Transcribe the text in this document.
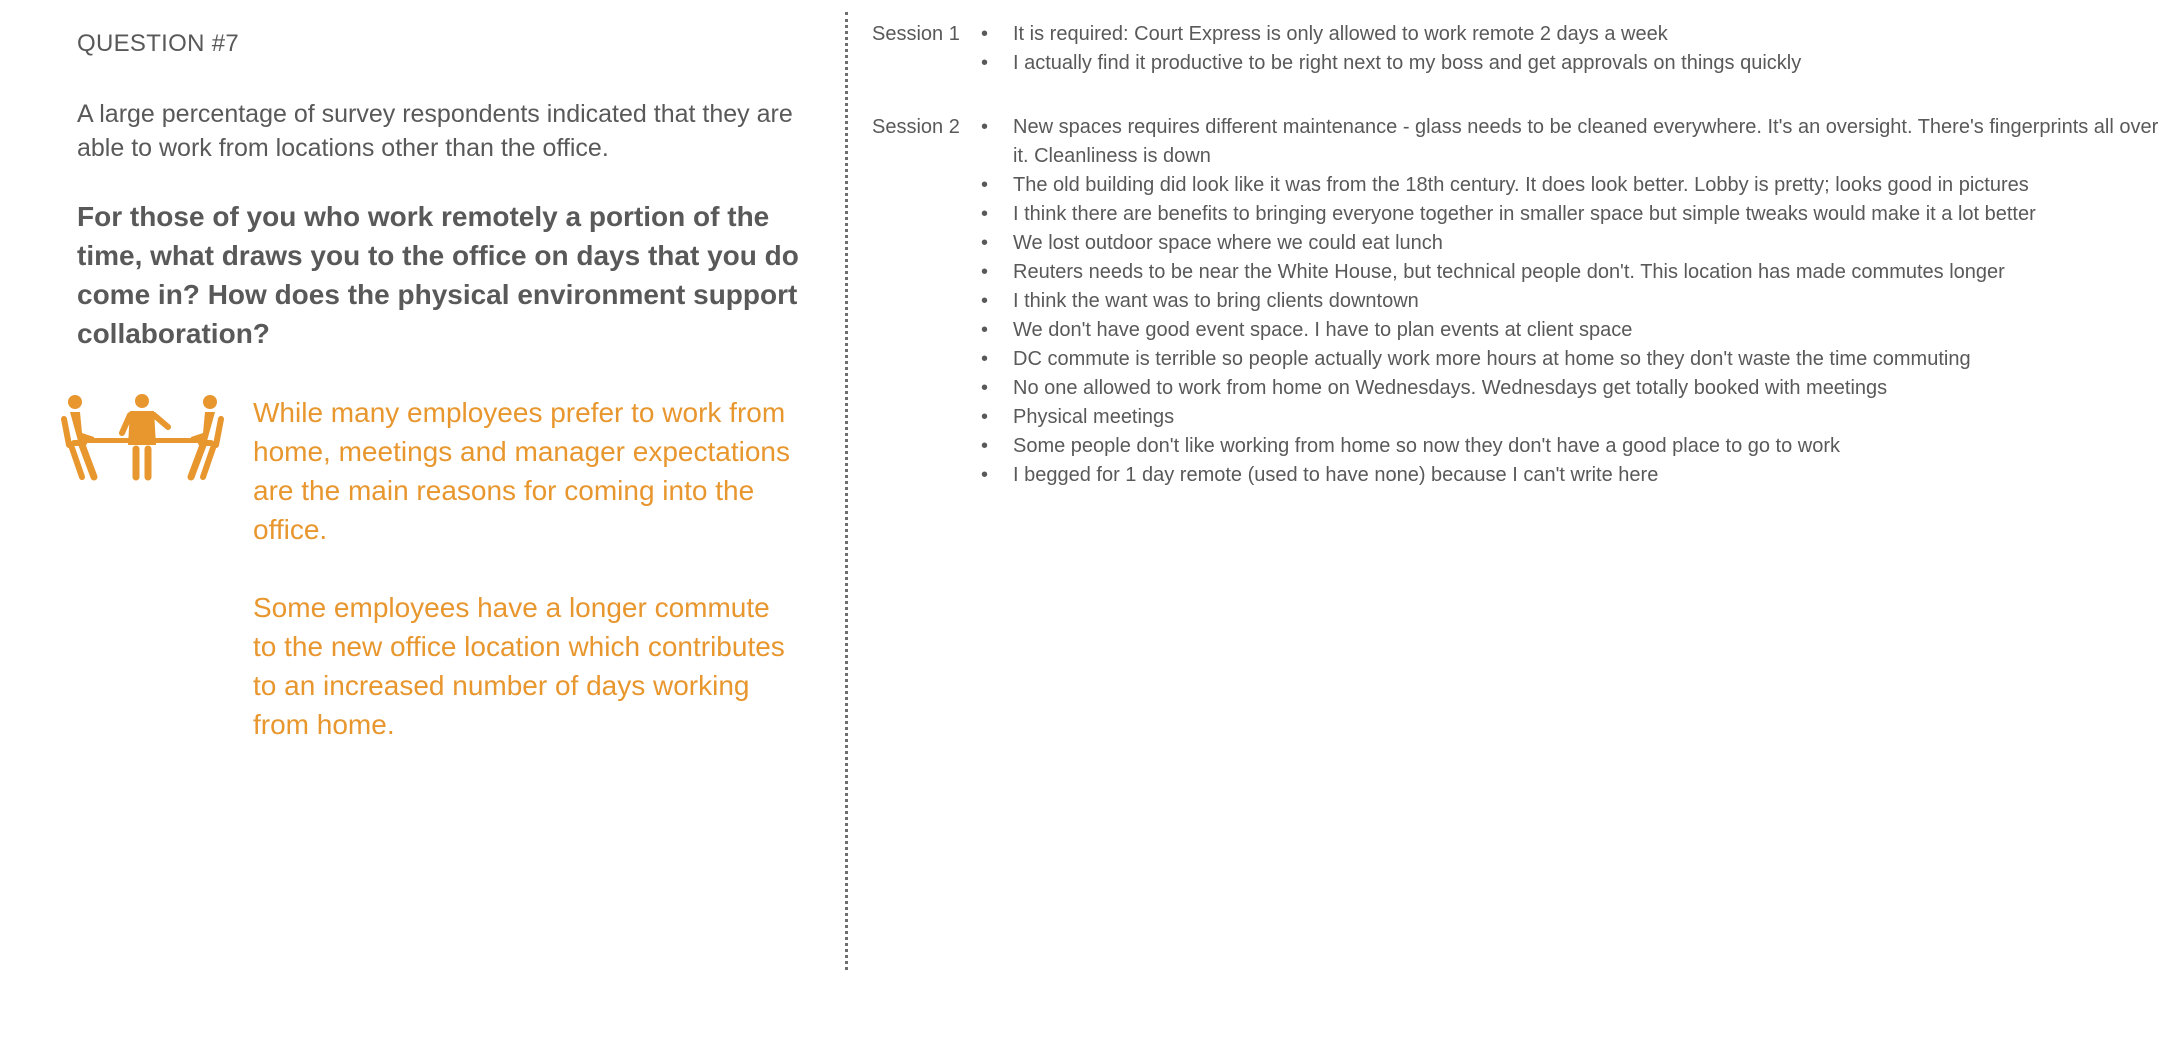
QUESTION #7
A large percentage of survey respondents indicated that they are able to work from locations other than the office.
For those of you who work remotely a portion of the time, what draws you to the office on days that you do come in? How does the physical environment support collaboration?

While many employees prefer to work from home, meetings and manager expectations are the main reasons for coming into the office.

Some employees have a longer commute to the new office location which contributes to an increased number of days working from home.

Session 1	• It is required: Court Express is only allowed to work remote 2 days a week
• I actually find it productive to be right next to my boss and get approvals on things quickly
Session 2	• New spaces requires different maintenance - glass needs to be cleaned everywhere. It's an oversight. There's fingerprints all over it. Cleanliness is down
• The old building did look like it was from the 18th century. It does look better. Lobby is pretty; looks good in pictures
• I think there are benefits to bringing everyone together in smaller space but simple tweaks would make it a lot better
• We lost outdoor space where we could eat lunch
• Reuters needs to be near the White House, but technical people don't. This location has made commutes longer
• I think the want was to bring clients downtown
• We don't have good event space. I have to plan events at client space
• DC commute is terrible so people actually work more hours at home so they don't waste the time commuting
• No one allowed to work from home on Wednesdays. Wednesdays get totally booked with meetings
• Physical meetings
• Some people don't like working from home so now they don't have a good place to go to work
• I begged for 1 day remote (used to have none) because I can't write here
